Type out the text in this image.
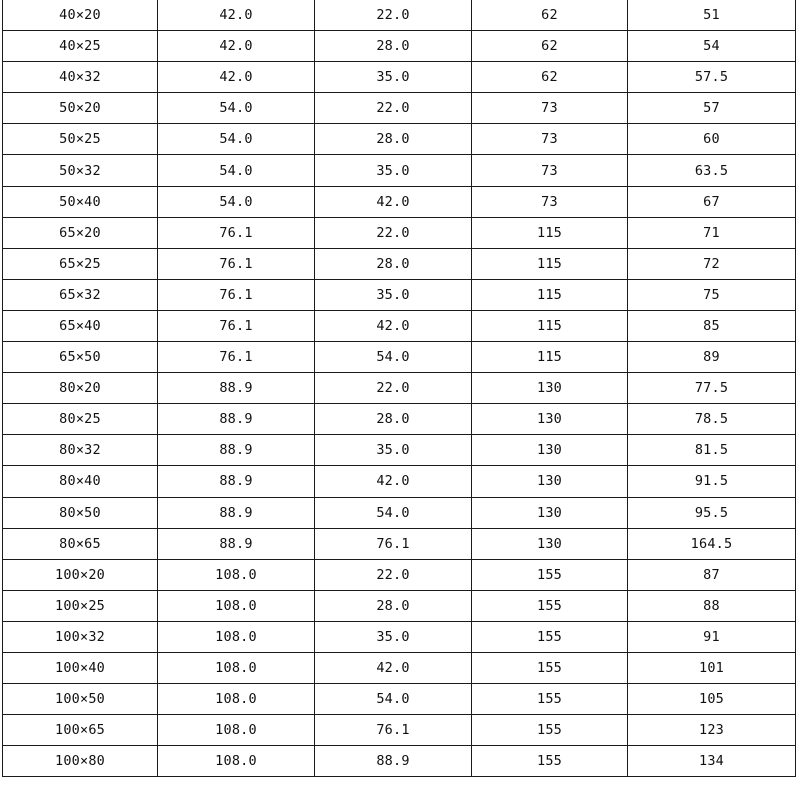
40×20	42.0	22.0	62	51
40×25	42.0	28.0	62	54
40×32	42.0	35.0	62	57.5
50×20	54.0	22.0	73	57
50×25	54.0	28.0	73	60
50×32	54.0	35.0	73	63.5
50×40	54.0	42.0	73	67
65×20	76.1	22.0	115	71
65×25	76.1	28.0	115	72
65×32	76.1	35.0	115	75
65×40	76.1	42.0	115	85
65×50	76.1	54.0	115	89
80×20	88.9	22.0	130	77.5
80×25	88.9	28.0	130	78.5
80×32	88.9	35.0	130	81.5
80×40	88.9	42.0	130	91.5
80×50	88.9	54.0	130	95.5
80×65	88.9	76.1	130	164.5
100×20	108.0	22.0	155	87
100×25	108.0	28.0	155	88
100×32	108.0	35.0	155	91
100×40	108.0	42.0	155	101
100×50	108.0	54.0	155	105
100×65	108.0	76.1	155	123
100×80	108.0	88.9	155	134
